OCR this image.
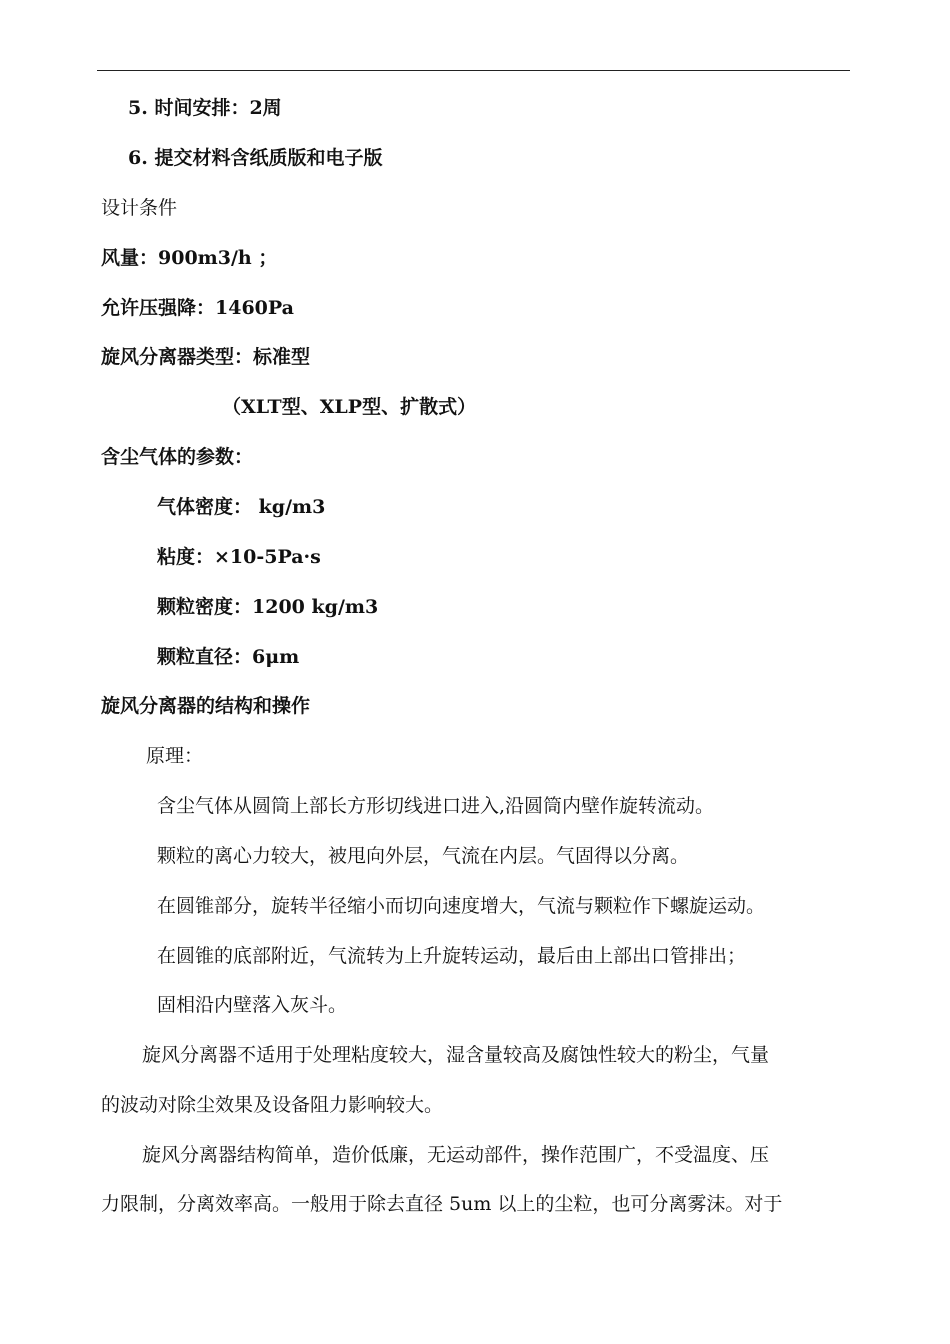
5. 时间安排：2周
6. 提交材料含纸质版和电子版
设计条件
风量：900m3/h ；
允许压强降：1460Pa
旋风分离器类型：标准型
（XLT型、XLP型、扩散式）
含尘气体的参数：
气体密度： kg/m3
粘度：×10-5Pa·s
颗粒密度：1200 kg/m3
颗粒直径：6μm
旋风分离器的结构和操作
原理：
含尘气体从圆筒上部长方形切线进口进入,沿圆筒内壁作旋转流动。
颗粒的离心力较大，被甩向外层，气流在内层。气固得以分离。
在圆锥部分，旋转半径缩小而切向速度增大，气流与颗粒作下螺旋运动。
在圆锥的底部附近，气流转为上升旋转运动，最后由上部出口管排出；
固相沿内壁落入灰斗。
旋风分离器不适用于处理粘度较大，湿含量较高及腐蚀性较大的粉尘，气量
的波动对除尘效果及设备阻力影响较大。
旋风分离器结构简单，造价低廉，无运动部件，操作范围广，不受温度、压
力限制，分离效率高。一般用于除去直径 5um 以上的尘粒，也可分离雾沫。对于
